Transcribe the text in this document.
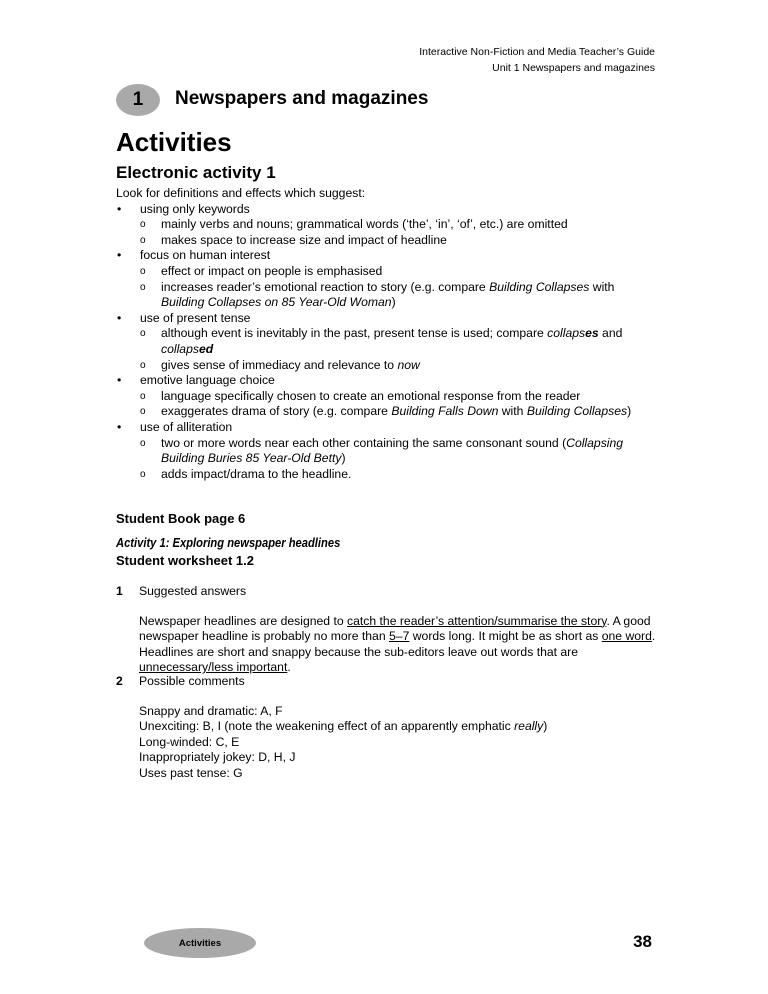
Interactive Non-Fiction and Media Teacher’s Guide
Unit 1 Newspapers and magazines
1	Newspapers and magazines
Activities
Electronic activity 1

Look for definitions and effects which suggest:

• using only keywords
o mainly verbs and nouns; grammatical words (‘the’, ‘in’, ‘of’, etc.) are omitted
o makes space to increase size and impact of headline
• focus on human interest
o effect or impact on people is emphasised
o increases reader’s emotional reaction to story (e.g. compare Building Collapses with Building Collapses on 85 Year-Old Woman)
• use of present tense
o although event is inevitably in the past, present tense is used; compare collapses and collapsed
o gives sense of immediacy and relevance to now
• emotive language choice
o language specifically chosen to create an emotional response from the reader
o exaggerates drama of story (e.g. compare Building Falls Down with Building Collapses)
• use of alliteration
o two or more words near each other containing the same consonant sound (Collapsing Building Buries 85 Year-Old Betty)
o adds impact/drama to the headline.
Student Book page 6
Activity 1: Exploring newspaper headlines
Student worksheet 1.2
1 Suggested answers

Newspaper headlines are designed to catch the reader’s attention/summarise the story. A good newspaper headline is probably no more than 5–7 words long. It might be as short as one word. Headlines are short and snappy because the sub-editors leave out words that are unnecessary/less important.

2 Possible comments

Snappy and dramatic: A, F

Unexciting: B, I (note the weakening effect of an apparently emphatic really)

Long-winded: C, E

Inappropriately jokey: D, H, J

Uses past tense: G

Activities	38
